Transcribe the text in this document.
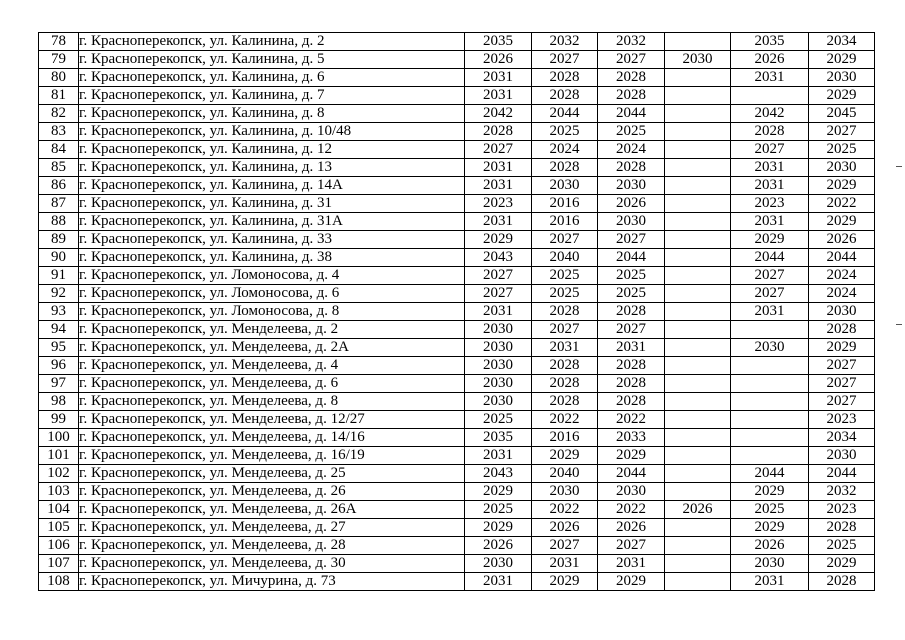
78	г. Красноперекопск, ул. Калинина, д. 2	2035	2032	2032		2035	2034
79	г. Красноперекопск, ул. Калинина, д. 5	2026	2027	2027	2030	2026	2029
80	г. Красноперекопск, ул. Калинина, д. 6	2031	2028	2028		2031	2030
81	г. Красноперекопск, ул. Калинина, д. 7	2031	2028	2028			2029
82	г. Красноперекопск, ул. Калинина, д. 8	2042	2044	2044		2042	2045
83	г. Красноперекопск, ул. Калинина, д. 10/48	2028	2025	2025		2028	2027
84	г. Красноперекопск, ул. Калинина, д. 12	2027	2024	2024		2027	2025
85	г. Красноперекопск, ул. Калинина, д. 13	2031	2028	2028		2031	2030
86	г. Красноперекопск, ул. Калинина, д. 14А	2031	2030	2030		2031	2029
87	г. Красноперекопск, ул. Калинина, д. 31	2023	2016	2026		2023	2022
88	г. Красноперекопск, ул. Калинина, д. 31А	2031	2016	2030		2031	2029
89	г. Красноперекопск, ул. Калинина, д. 33	2029	2027	2027		2029	2026
90	г. Красноперекопск, ул. Калинина, д. 38	2043	2040	2044		2044	2044
91	г. Красноперекопск, ул. Ломоносова, д. 4	2027	2025	2025		2027	2024
92	г. Красноперекопск, ул. Ломоносова, д. 6	2027	2025	2025		2027	2024
93	г. Красноперекопск, ул. Ломоносова, д. 8	2031	2028	2028		2031	2030
94	г. Красноперекопск, ул. Менделеева, д. 2	2030	2027	2027			2028
95	г. Красноперекопск, ул. Менделеева, д. 2А	2030	2031	2031		2030	2029
96	г. Красноперекопск, ул. Менделеева, д. 4	2030	2028	2028			2027
97	г. Красноперекопск, ул. Менделеева, д. 6	2030	2028	2028			2027
98	г. Красноперекопск, ул. Менделеева, д. 8	2030	2028	2028			2027
99	г. Красноперекопск, ул. Менделеева, д. 12/27	2025	2022	2022			2023
100	г. Красноперекопск, ул. Менделеева, д. 14/16	2035	2016	2033			2034
101	г. Красноперекопск, ул. Менделеева, д. 16/19	2031	2029	2029			2030
102	г. Красноперекопск, ул. Менделеева, д. 25	2043	2040	2044		2044	2044
103	г. Красноперекопск, ул. Менделеева, д. 26	2029	2030	2030		2029	2032
104	г. Красноперекопск, ул. Менделеева, д. 26А	2025	2022	2022	2026	2025	2023
105	г. Красноперекопск, ул. Менделеева, д. 27	2029	2026	2026		2029	2028
106	г. Красноперекопск, ул. Менделеева, д. 28	2026	2027	2027		2026	2025
107	г. Красноперекопск, ул. Менделеева, д. 30	2030	2031	2031		2030	2029
108	г. Красноперекопск, ул. Мичурина, д. 73	2031	2029	2029		2031	2028
